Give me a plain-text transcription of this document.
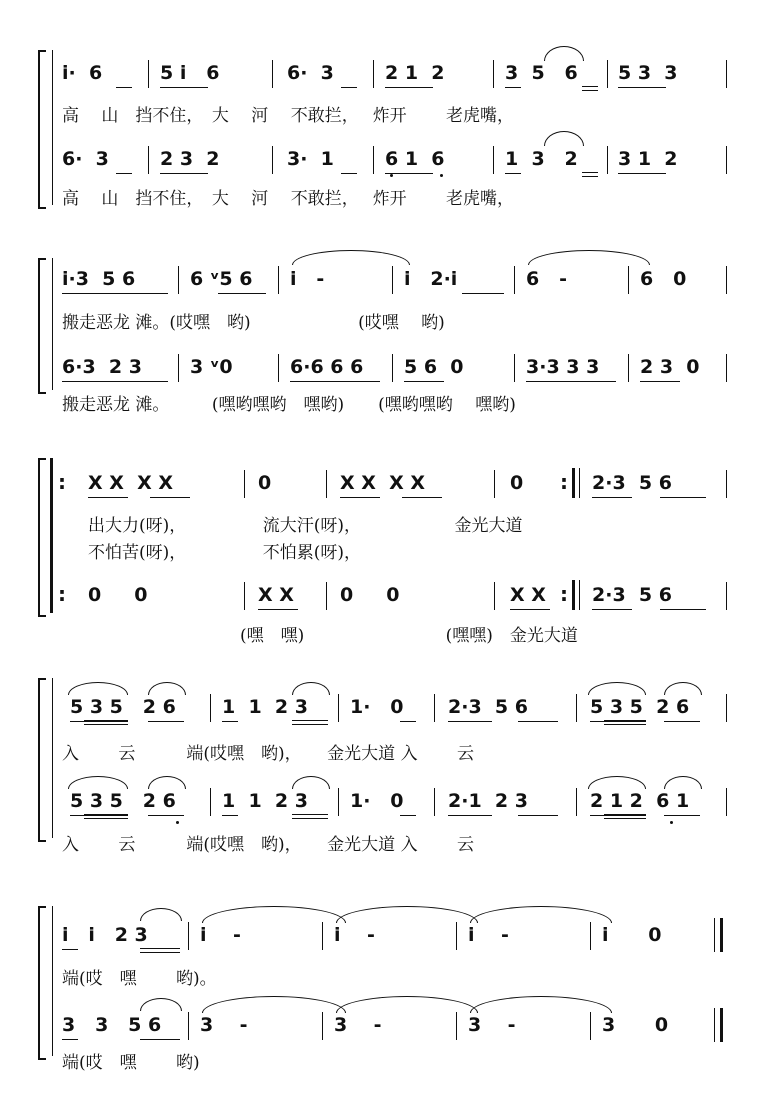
i·  6	5 i   6	6·  3	2 1  2	3  5   6 5 3  3
高　 山　挡不住，　大　 河　 不敢拦，　 炸开　　 老虎嘴，
6·  3	2 3  2	3·  1	6 1  6	1  3   2 3 1  2
高　 山　挡不住，　大　 河　 不敢拦，　 炸开　　 老虎嘴，
i·3  5 6	6 ᵛ5 6 i   -	i   2·i	6   -	6   0
搬走恶龙 滩。(哎嘿　哟)　　　　　　 (哎嘿　 哟)
6·3  2 3	3 ᵛ0	6·6 6 6 5 6  0	3·3 3 3 2 3  0
搬走恶龙 滩。　　　(嘿哟嘿哟　嘿哟)　　(嘿哟嘿哟　 嘿哟)
: X X  X X	0	X X  X X	0 : 2·3  5 6
出大力(呀)，　　　　　流大汗(呀)，　　　　　　金光大道
不怕苦(呀)，　　　　　不怕累(呀)，
: 0     0	X X 0     0	X X : 2·3  5 6
(嘿　嘿)　　　　　　　　 (嘿嘿)　金光大道
5 3 5   2 6 1  1  2 3 1·   0 2·3  5 6	5 3 5  2 6
入　　 云　　　端(哎嘿　哟)，　　金光大道 入　　 云
5 3 5   2 6 1  1  2 3 1·   0 2·1  2 3	2 1 2  6 1
入　　 云　　　端(哎嘿　哟)，　　金光大道 入　　 云
i   i   2 3	i    -	i    -	i    -	i      0
端(哎　嘿　　 哟)。
3   3   5 6 3    -	3    -	3    -	3      0
端(哎　嘿　　 哟)
